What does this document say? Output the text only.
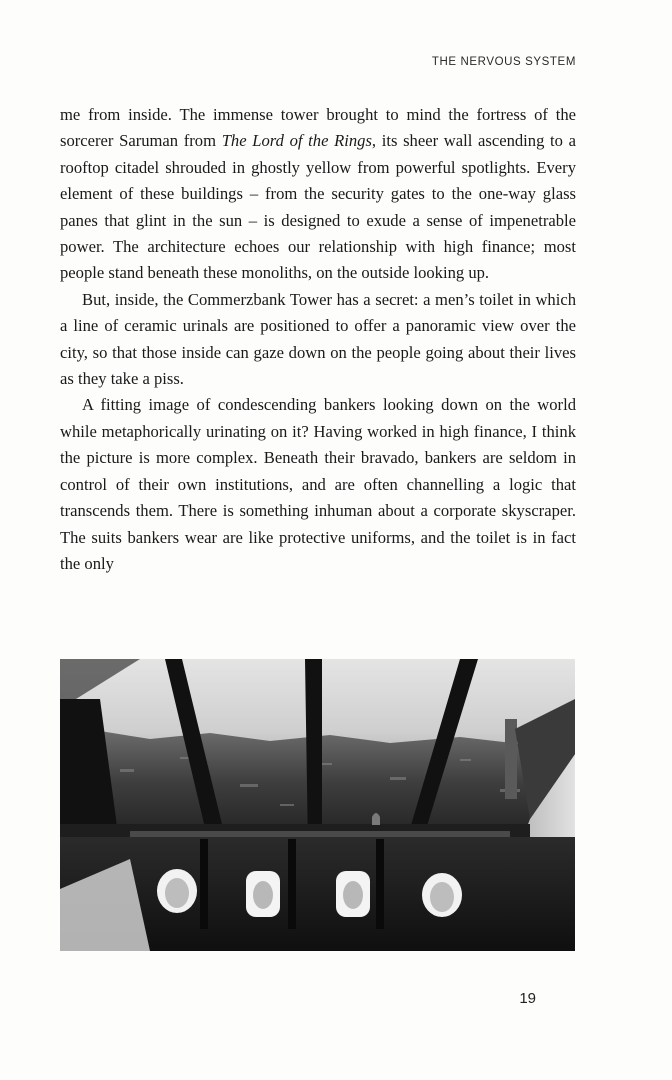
THE NERVOUS SYSTEM

me from inside. The immense tower brought to mind the fortress of the sorcerer Saruman from The Lord of the Rings, its sheer wall ascending to a rooftop citadel shrouded in ghostly yellow from powerful spotlights. Every element of these buildings – from the security gates to the one-way glass panes that glint in the sun – is designed to exude a sense of impenetrable power. The architecture echoes our relationship with high finance; most people stand beneath these monoliths, on the outside looking up.

But, inside, the Commerzbank Tower has a secret: a men’s toilet in which a line of ceramic urinals are positioned to offer a panoramic view over the city, so that those inside can gaze down on the people going about their lives as they take a piss.

A fitting image of condescending bankers looking down on the world while metaphorically urinating on it? Having worked in high finance, I think the picture is more complex. Beneath their bravado, bankers are seldom in control of their own institutions, and are often channelling a logic that transcends them. There is something inhuman about a corporate skyscraper. The suits bankers wear are like protective uniforms, and the toilet is in fact the only

19
